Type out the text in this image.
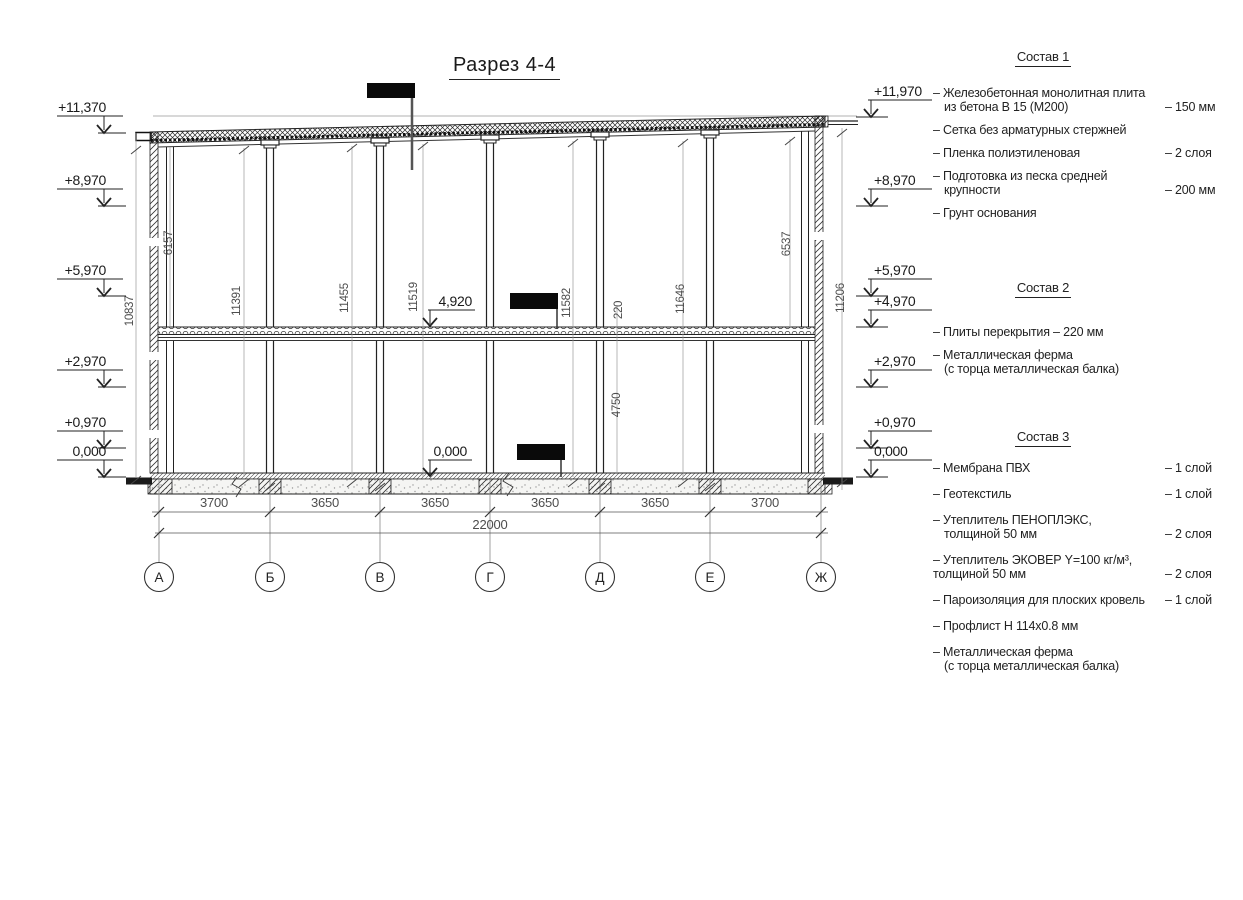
Разрез 4-4
6157
10837	11391	11455	11519	11582	220	11646
4750
6537
11206
+11,370
+8,970
+5,970
+2,970
+0,970
0,000
+11,970
+8,970
+5,970
+4,970
+2,970
+0,970
0,000
4,920
0,000
3700	3650	3650	3650	3650	3700
22000
А	Б	В	Г	Д	Е	Ж
Состав 1
– Железобетонная монолитная плита
из бетона В 15 (М200)	– 150 мм
– Сетка без арматурных стержней
– Пленка полиэтиленовая	– 2 слоя
– Подготовка из песка средней
крупности	– 200 мм
– Грунт основания
Состав 2
– Плиты перекрытия – 220 мм
– Металлическая ферма
(с торца металлическая балка)
Состав 3
– Мембрана ПВХ	– 1 слой
– Геотекстиль	– 1 слой
– Утеплитель ПЕНОПЛЭКС,
толщиной 50 мм	– 2 слоя
– Утеплитель ЭКОВЕР Y=100 кг/м³,
толщиной 50 мм	– 2 слоя
– Пароизоляция для плоских кровель – 1 слой
– Профлист Н 114х0.8 мм
– Металлическая ферма
(с торца металлическая балка)
